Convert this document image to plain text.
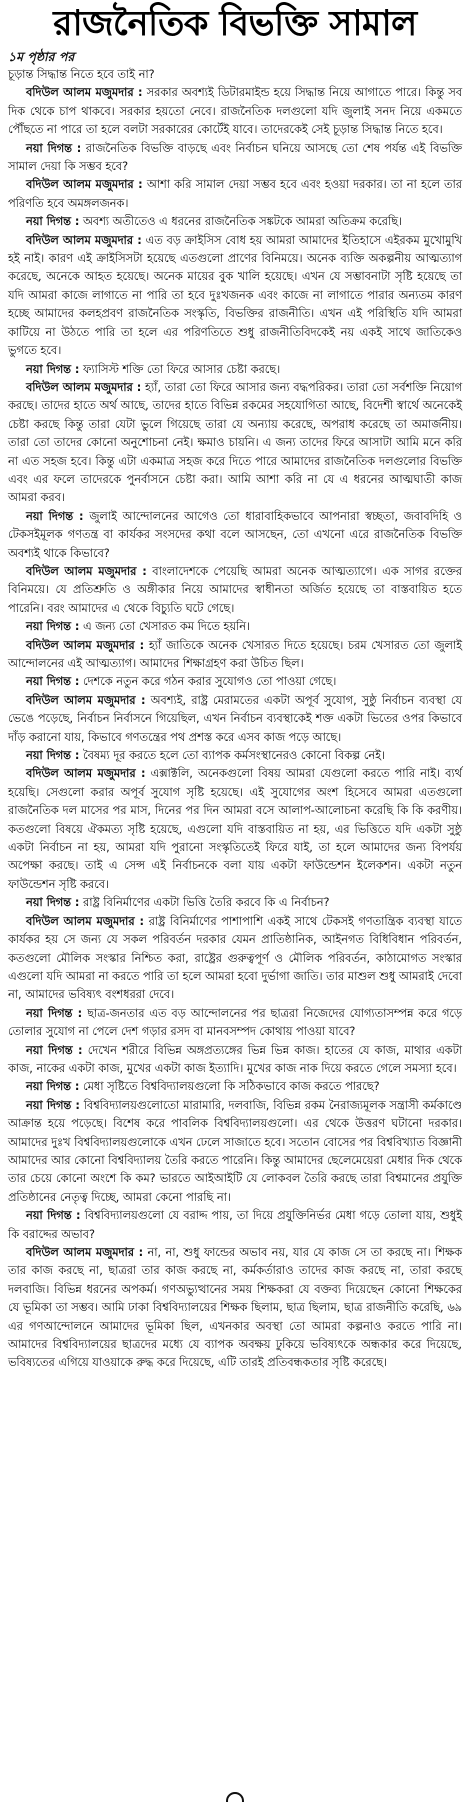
রাজনৈতিক বিভক্তি সামাল

১ম পৃষ্ঠার পর

চূড়ান্ত সিদ্ধান্ত নিতে হবে তাই না?

বদিউল আলম মজুমদার : সরকার অবশ্যই ডিটারমাইন্ড হয়ে সিদ্ধান্ত নিয়ে আগাতে পারে। কিন্তু সব দিক থেকে চাপ থাকবে। সরকার হয়তো নেবে। রাজনৈতিক দলগুলো যদি জুলাই সনদ নিয়ে একমতে পৌঁছতে না পারে তা হলে বলটা সরকারের কোর্টেই যাবে। তাদেরকেই সেই চূড়ান্ত সিদ্ধান্ত নিতে হবে।

নয়া দিগন্ত : রাজনৈতিক বিভক্তি বাড়ছে এবং নির্বাচন ঘনিয়ে আসছে তো শেষ পর্যন্ত এই বিভক্তি সামাল দেয়া কি সম্ভব হবে?

বদিউল আলম মজুমদার : আশা করি সামাল দেয়া সম্ভব হবে এবং হওয়া দরকার। তা না হলে তার পরিণতি হবে অমঙ্গলজনক।

নয়া দিগন্ত : অবশ্য অতীতেও এ ধরনের রাজনৈতিক সঙ্কটকে আমরা অতিক্রম করেছি।

বদিউল আলম মজুমদার : এত বড় ক্রাইসিস বোধ হয় আমরা আমাদের ইতিহাসে এইরকম মুখোমুখি হই নাই। কারণ এই ক্রাইসিসটা হয়েছে এতগুলো প্রাণের বিনিময়ে। অনেক ব্যক্তি অকল্পনীয় আত্মত্যাগ করেছে, অনেকে আহত হয়েছে। অনেক মায়ের বুক খালি হয়েছে। এখন যে সম্ভাবনাটা সৃষ্টি হয়েছে তা যদি আমরা কাজে লাগাতে না পারি তা হবে দুঃখজনক এবং কাজে না লাগাতে পারার অন্যতম কারণ হচ্ছে আমাদের কলহপ্রবণ রাজনৈতিক সংস্কৃতি, বিভক্তির রাজনীতি। এখন এই পরিস্থিতি যদি আমরা কাটিয়ে না উঠতে পারি তা হলে এর পরিণতিতে শুধু রাজনীতিবিদকেই নয় একই সাথে জাতিকেও ভুগতে হবে।

নয়া দিগন্ত : ফ্যাসিস্ট শক্তি তো ফিরে আসার চেষ্টা করছে।

বদিউল আলম মজুমদার : হ্যাঁ, তারা তো ফিরে আসার জন্য বদ্ধপরিকর। তারা তো সর্বশক্তি নিয়োগ করছে। তাদের হাতে অর্থ আছে, তাদের হাতে বিভিন্ন রকমের সহযোগিতা আছে, বিদেশী স্বার্থে অনেকেই চেষ্টা করছে কিন্তু তারা যেটা ভুলে গিয়েছে তারা যে অন্যায় করেছে, অপরাধ করেছে তা অমার্জনীয়। তারা তো তাদের কোনো অনুশোচনা নেই। ক্ষমাও চায়নি। এ জন্য তাদের ফিরে আসাটা আমি মনে করি না এত সহজ হবে। কিন্তু এটা একমাত্র সহজ করে দিতে পারে আমাদের রাজনৈতিক দলগুলোর বিভক্তি এবং এর ফলে তাদেরকে পুনর্বাসনে চেষ্টা করা। আমি আশা করি না যে এ ধরনের আত্মঘাতী কাজ আমরা করব।

নয়া দিগন্ত : জুলাই আন্দোলনের আগেও তো ধারাবাহিকভাবে আপনারা স্বচ্ছতা, জবাবদিহি ও টেকসইমূলক গণতন্ত্র বা কার্যকর সংসদের কথা বলে আসছেন, তো এখনো এরে রাজনৈতিক বিভক্তি অবশ্যই থাকে কিভাবে?

বদিউল আলম মজুমদার : বাংলাদেশকে পেয়েছি আমরা অনেক আত্মত্যাগে। এক সাগর রক্তের বিনিময়ে। যে প্রতিশ্রুতি ও অঙ্গীকার নিয়ে আমাদের স্বাধীনতা অর্জিত হয়েছে তা বাস্তবায়িত হতে পারেনি। বরং আমাদের এ থেকে বিচ্যুতি ঘটে গেছে।

নয়া দিগন্ত : এ জন্য তো খেসারত কম দিতে হয়নি।

বদিউল আলম মজুমদার : হ্যাঁ জাতিকে অনেক খেসারত দিতে হয়েছে। চরম খেসারত তো জুলাই আন্দোলনের এই আত্মত্যাগ। আমাদের শিক্ষাগ্রহণ করা উচিত ছিল।

নয়া দিগন্ত : দেশকে নতুন করে গঠন করার সুযোগও তো পাওয়া গেছে।

বদিউল আলম মজুমদার : অবশ্যই, রাষ্ট্র মেরামতের একটা অপূর্ব সুযোগ, সুষ্ঠু নির্বাচন ব্যবস্থা যে ভেঙে পড়েছে, নির্বাচন নির্বাসনে গিয়েছিল, এখন নির্বাচন ব্যবস্থাকেই শক্ত একটা ভিতের ওপর কিভাবে দাঁড় করানো যায়, কিভাবে গণতন্ত্রের পথ প্রশস্ত করে এসব কাজ পড়ে আছে।

নয়া দিগন্ত : বৈষম্য দূর করতে হলে তো ব্যাপক কর্মসংস্থানেরও কোনো বিকল্প নেই।

বদিউল আলম মজুমদার : এক্সাক্টলি, অনেকগুলো বিষয় আমরা যেগুলো করতে পারি নাই। ব্যর্থ হয়েছি। সেগুলো করার অপূর্ব সুযোগ সৃষ্টি হয়েছে। এই সুযোগের অংশ হিসেবে আমরা এতগুলো রাজনৈতিক দল মাসের পর মাস, দিনের পর দিন আমরা বসে আলাপ-আলোচনা করেছি কি কি করণীয়। কতগুলো বিষয়ে ঐকমত্য সৃষ্টি হয়েছে, এগুলো যদি বাস্তবায়িত না হয়, এর ভিত্তিতে যদি একটা সুষ্ঠু একটা নির্বাচন না হয়, আমরা যদি পুরানো সংস্কৃতিতেই ফিরে যাই, তা হলে আমাদের জন্য বিপর্যয় অপেক্ষা করছে। তাই এ সেন্স এই নির্বাচনকে বলা যায় একটা ফাউন্ডেশন ইলেকশন। একটা নতুন ফাউন্ডেশন সৃষ্টি করবে।

নয়া দিগন্ত : রাষ্ট্র বিনির্মাণের একটা ভিত্তি তৈরি করবে কি এ নির্বাচন?

বদিউল আলম মজুমদার : রাষ্ট্র বিনির্মাণের পাশাপাশি একই সাথে টেকসই গণতান্ত্রিক ব্যবস্থা যাতে কার্যকর হয় সে জন্য যে সকল পরিবর্তন দরকার যেমন প্রাতিষ্ঠানিক, আইনগত বিধিবিধান পরিবর্তন, কতগুলো মৌলিক সংস্কার নিশ্চিত করা, রাষ্ট্রের গুরুত্বপূর্ণ ও মৌলিক পরিবর্তন, কাঠামোগত সংস্কার এগুলো যদি আমরা না করতে পারি তা হলে আমরা হবো দুর্ভাগা জাতি। তার মাশুল শুধু আমরাই দেবো না, আমাদের ভবিষ্যৎ বংশধররা দেবে।

নয়া দিগন্ত : ছাত্র-জনতার এত বড় আন্দোলনের পর ছাত্ররা নিজেদের যোগ্যতাসম্পন্ন করে গড়ে তোলার সুযোগ না পেলে দেশ গড়ার রসদ বা মানবসম্পদ কোথায় পাওয়া যাবে?

নয়া দিগন্ত : দেখেন শরীরে বিভিন্ন অঙ্গপ্রত্যঙ্গের ভিন্ন ভিন্ন কাজ। হাতের যে কাজ, মাথার একটা কাজ, নাকের একটা কাজ, মুখের একটা কাজ ইত্যাদি। মুখের কাজ নাক দিয়ে করতে গেলে সমস্যা হবে।

নয়া দিগন্ত : মেধা সৃষ্টিতে বিশ্ববিদ্যালয়গুলো কি সঠিকভাবে কাজ করতে পারছে?

নয়া দিগন্ত : বিশ্ববিদ্যালয়গুলোতো মারামারি, দলবাজি, বিভিন্ন রকম নৈরাজ্যমূলক সন্ত্রাসী কর্মকাণ্ডে আক্রান্ত হয়ে পড়েছে। বিশেষ করে পাবলিক বিশ্ববিদ্যালয়গুলো। এর থেকে উত্তরণ ঘটানো দরকার। আমাদের দুঃখ বিশ্ববিদ্যালয়গুলোকে এখন ঢেলে সাজাতে হবে। সতোন বোসের পর বিশ্ববিখ্যাত বিজ্ঞানী আমাদের আর কোনো বিশ্ববিদ্যালয় তৈরি করতে পারেনি। কিন্তু আমাদের ছেলেমেয়েরা মেধার দিক থেকে তার চেয়ে কোনো অংশে কি কম? ভারতে আইআইটি যে লোকবল তৈরি করছে তারা বিশ্বমানের প্রযুক্তি প্রতিষ্ঠানের নেতৃত্ব দিচ্ছে, আমরা কেনো পারছি না।

নয়া দিগন্ত : বিশ্ববিদ্যালয়গুলো যে বরাদ্দ পায়, তা দিয়ে প্রযুক্তিনির্ভর মেধা গড়ে তোলা যায়, শুধুই কি বরাদ্দের অভাব?

বদিউল আলম মজুমদার : না, না, শুধু ফান্ডের অভাব নয়, যার যে কাজ সে তা করছে না। শিক্ষক তার কাজ করছে না, ছাত্ররা তার কাজ করছে না, কর্মকর্তারাও তাদের কাজ করছে না, তারা করছে দলবাজি। বিভিন্ন ধরনের অপকর্ম। গণঅভ্যুত্থানের সময় শিক্ষকরা যে বক্তব্য দিয়েছেন কোনো শিক্ষকের যে ভূমিকা তা সম্ভব। আমি ঢাকা বিশ্ববিদ্যালয়ের শিক্ষক ছিলাম, ছাত্র ছিলাম, ছাত্র রাজনীতি করেছি, ৬৯ এর গণআন্দোলনে আমাদের ভূমিকা ছিল, এখনকার অবস্থা তো আমরা কল্পনাও করতে পারি না। আমাদের বিশ্ববিদ্যালয়ের ছাত্রদের মধ্যে যে ব্যাপক অবক্ষয় ঢুকিয়ে ভবিষ্যৎকে অন্ধকার করে দিয়েছে, ভবিষ্যতের এগিয়ে যাওয়াকে রুদ্ধ করে দিয়েছে, এটি তারই প্রতিবন্ধকতার সৃষ্টি করেছে।
